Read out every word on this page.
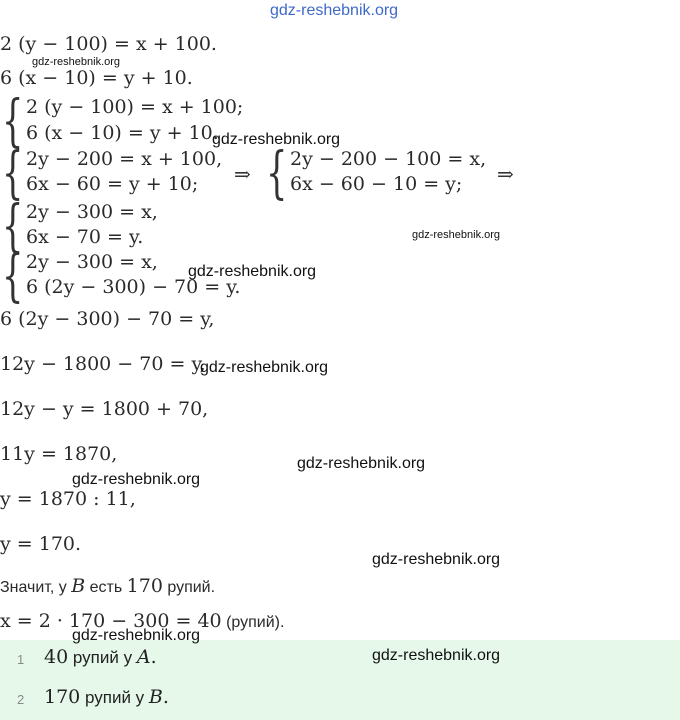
gdz-reshebnik.org
2 (y − 100) = x + 100.
gdz-reshebnik.org
6 (x − 10) = y + 10.
{ 2 (y − 100) = x + 100;
6 (x − 10) = y + 10.
gdz-reshebnik.org
{ 2y − 200 = x + 100,
6x − 60 = y + 10; ⇒ { 2y − 200 − 100 = x,
6x − 60 − 10 = y; ⇒
{ 2y − 300 = x,
6x − 70 = y.	gdz-reshebnik.org
{ 2y − 300 = x,
6 (2y − 300) − 70 = y.
gdz-reshebnik.org
6 (2y − 300) − 70 = y,
12y − 1800 − 70 = y,
gdz-reshebnik.org
12y − y = 1800 + 70,
11y = 1870,	gdz-reshebnik.org
gdz-reshebnik.org
y = 1870 : 11,
y = 170.
gdz-reshebnik.org
Значит, у B есть 170 рупий.
x = 2 · 170 − 300 = 40 (рупий).
1 40 рупий у A.
2 170 рупий у B.
gdz-reshebnik.org
gdz-reshebnik.org
